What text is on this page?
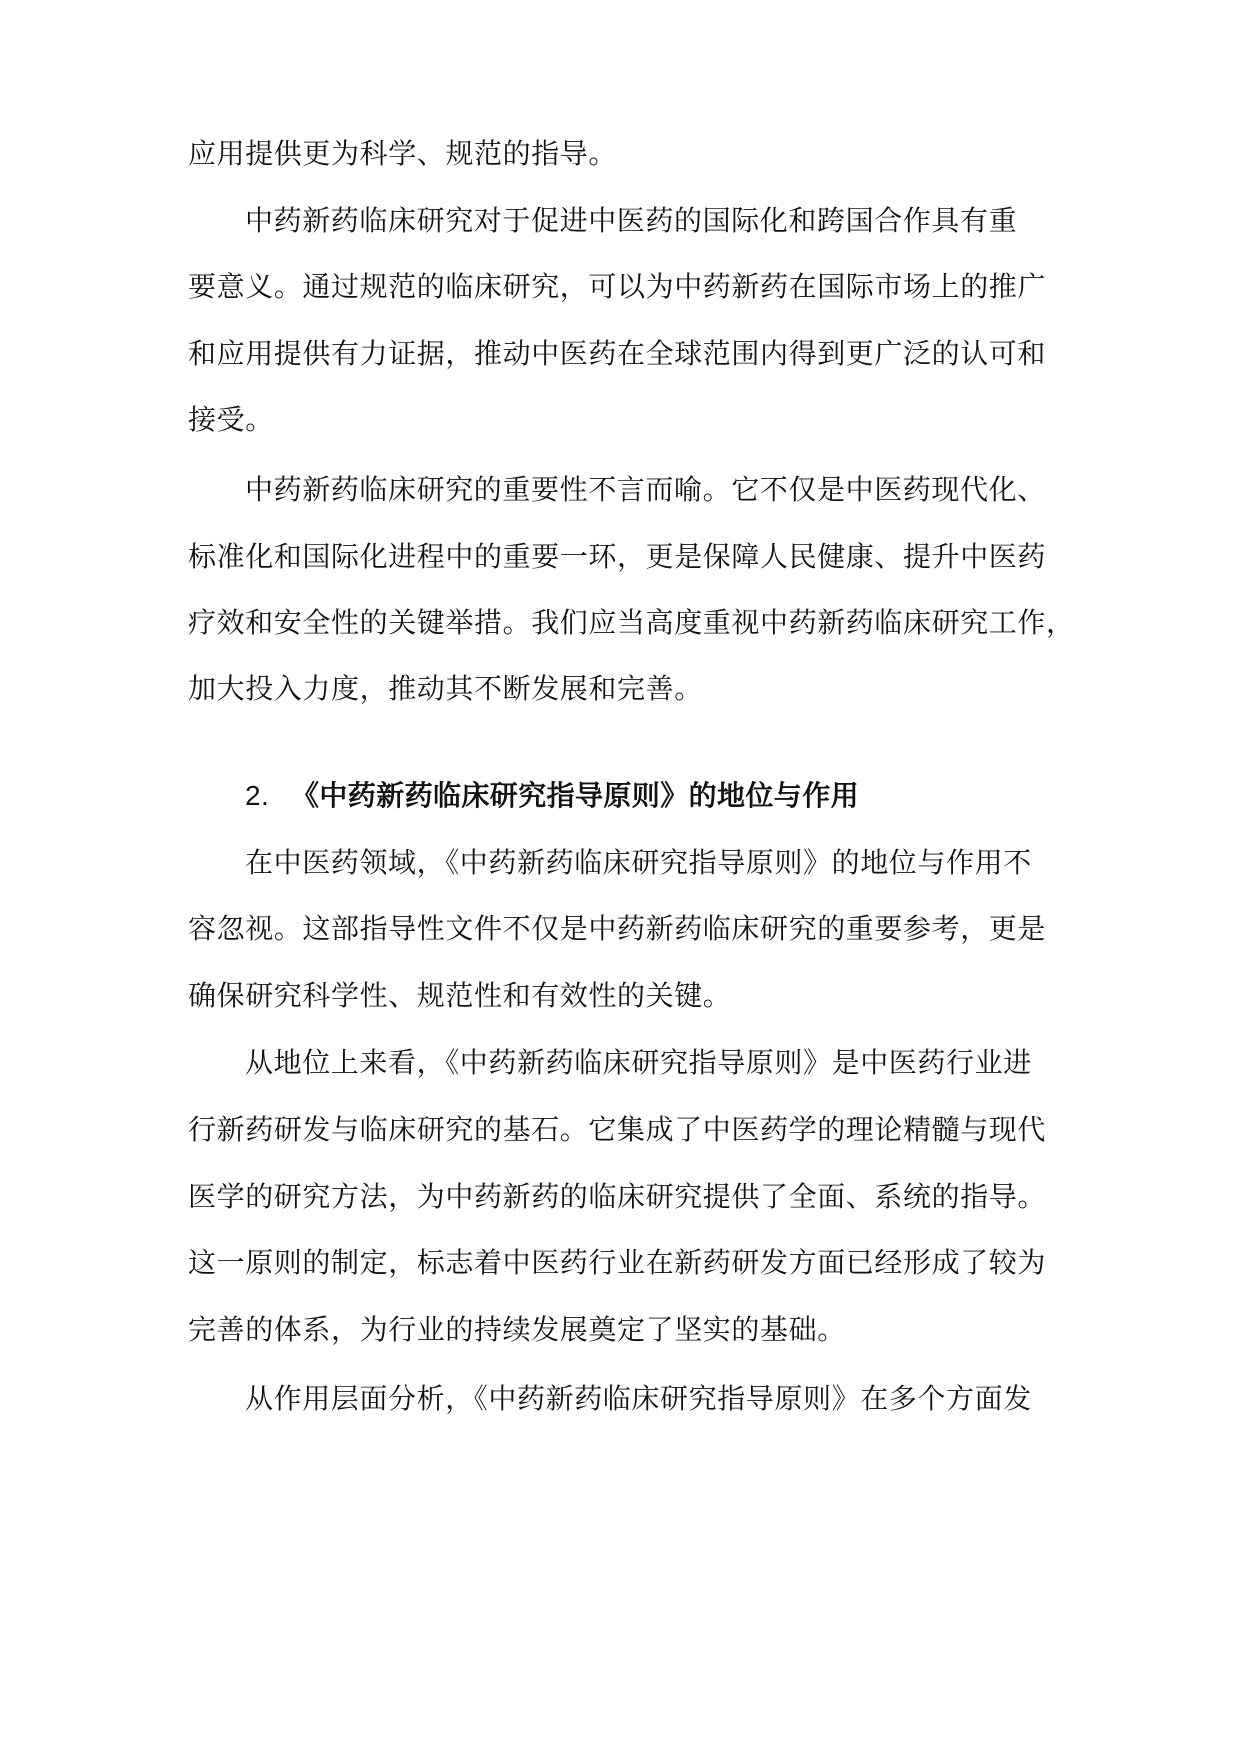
应用提供更为科学、规范的指导。
中药新药临床研究对于促进中医药的国际化和跨国合作具有重
要意义。通过规范的临床研究，可以为中药新药在国际市场上的推广
和应用提供有力证据，推动中医药在全球范围内得到更广泛的认可和
接受。
中药新药临床研究的重要性不言而喻。它不仅是中医药现代化、
标准化和国际化进程中的重要一环，更是保障人民健康、提升中医药
疗效和安全性的关键举措。我们应当高度重视中药新药临床研究工作，
加大投入力度，推动其不断发展和完善。
2. 《中药新药临床研究指导原则》的地位与作用
在中医药领域，《中药新药临床研究指导原则》的地位与作用不
容忽视。这部指导性文件不仅是中药新药临床研究的重要参考，更是
确保研究科学性、规范性和有效性的关键。
从地位上来看，《中药新药临床研究指导原则》是中医药行业进
行新药研发与临床研究的基石。它集成了中医药学的理论精髓与现代
医学的研究方法，为中药新药的临床研究提供了全面、系统的指导。
这一原则的制定，标志着中医药行业在新药研发方面已经形成了较为
完善的体系，为行业的持续发展奠定了坚实的基础。
从作用层面分析，《中药新药临床研究指导原则》在多个方面发
